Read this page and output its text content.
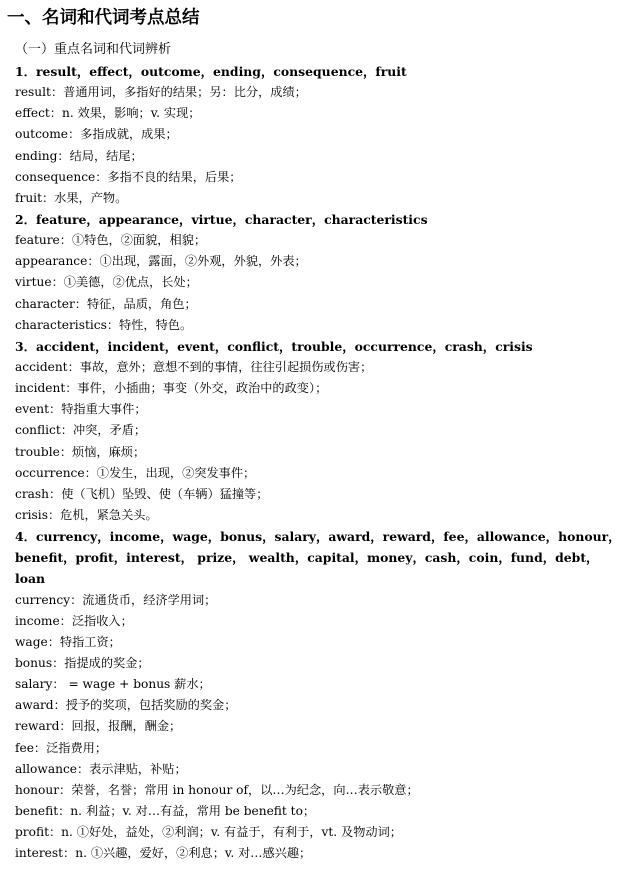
一、名词和代词考点总结
（一）重点名词和代词辨析
1．result，effect，outcome，ending，consequence，fruit
result：普通用词，多指好的结果；另：比分，成绩；
effect：n. 效果，影响；v. 实现；
outcome：多指成就，成果；
ending：结局，结尾；
consequence：多指不良的结果，后果；
fruit：水果，产物。
2．feature，appearance，virtue，character，characteristics
feature：①特色，②面貌，相貌；
appearance：①出现，露面，②外观，外貌，外表；
virtue：①美德，②优点，长处；
character：特征，品质，角色；
characteristics：特性，特色。
3．accident，incident，event，conflict，trouble，occurrence，crash，crisis
accident：事故，意外；意想不到的事情，往往引起损伤或伤害；
incident：事件，小插曲；事变（外交，政治中的政变）；
event：特指重大事件；
conflict：冲突，矛盾；
trouble：烦恼，麻烦；
occurrence：①发生，出现，②突发事件；
crash：使（飞机）坠毁、使（车辆）猛撞等；
crisis：危机，紧急关头。
4．currency，income，wage，bonus，salary，award，reward，fee，allowance，honour，
benefit，profit，interest， prize， wealth，capital，money，cash，coin，fund，debt，
loan
currency：流通货币，经济学用词；
income：泛指收入；
wage：特指工资；
bonus：指提成的奖金；
salary： = wage + bonus 薪水；
award：授予的奖项，包括奖励的奖金；
reward：回报，报酬，酬金；
fee：泛指费用；
allowance：表示津贴，补贴；
honour：荣誉，名誉；常用 in honour of，以…为纪念，向…表示敬意；
benefit：n. 利益；v. 对…有益，常用 be benefit to；
profit：n. ①好处，益处，②利润；v. 有益于，有利于，vt. 及物动词；
interest：n. ①兴趣，爱好，②利息；v. 对…感兴趣；
